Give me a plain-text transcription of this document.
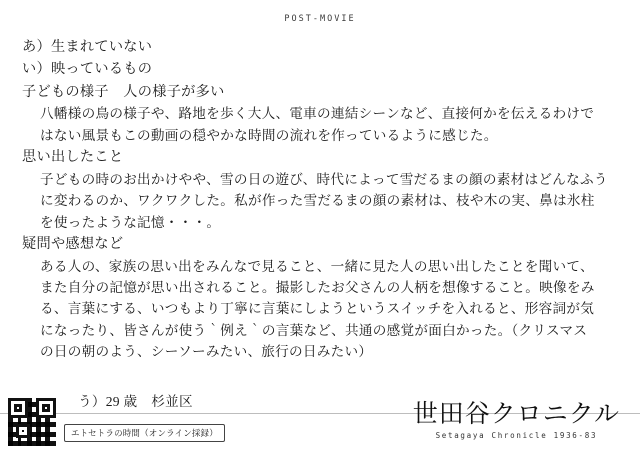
POST-MOVIE
あ）生まれていない
い）映っているもの
子どもの様子　人の様子が多い
八幡様の鳥の様子や、路地を歩く大人、電車の連結シーンなど、直接何かを伝えるわけで
はない風景もこの動画の穏やかな時間の流れを作っているように感じた。
思い出したこと
子どもの時のお出かけやや、雪の日の遊び、時代によって雪だるまの顔の素材はどんなふう
に変わるのか、ワクワクした。私が作った雪だるまの顔の素材は、枝や木の実、鼻は氷柱
を使ったような記憶・・・。
疑問や感想など
ある人の、家族の思い出をみんなで見ること、一緒に見た人の思い出したことを聞いて、
また自分の記憶が思い出されること。撮影したお父さんの人柄を想像すること。映像をみ
る、言葉にする、いつもより丁寧に言葉にしようというスイッチを入れると、形容詞が気
になったり、皆さんが使う｀例え｀の言葉など、共通の感覚が面白かった。（クリスマス
の日の朝のよう、シーソーみたい、旅行の日みたい）
う）29 歳　杉並区
エトセトラの時間（オンライン採録）
世田谷クロニクル
Setagaya Chronicle 1936-83
